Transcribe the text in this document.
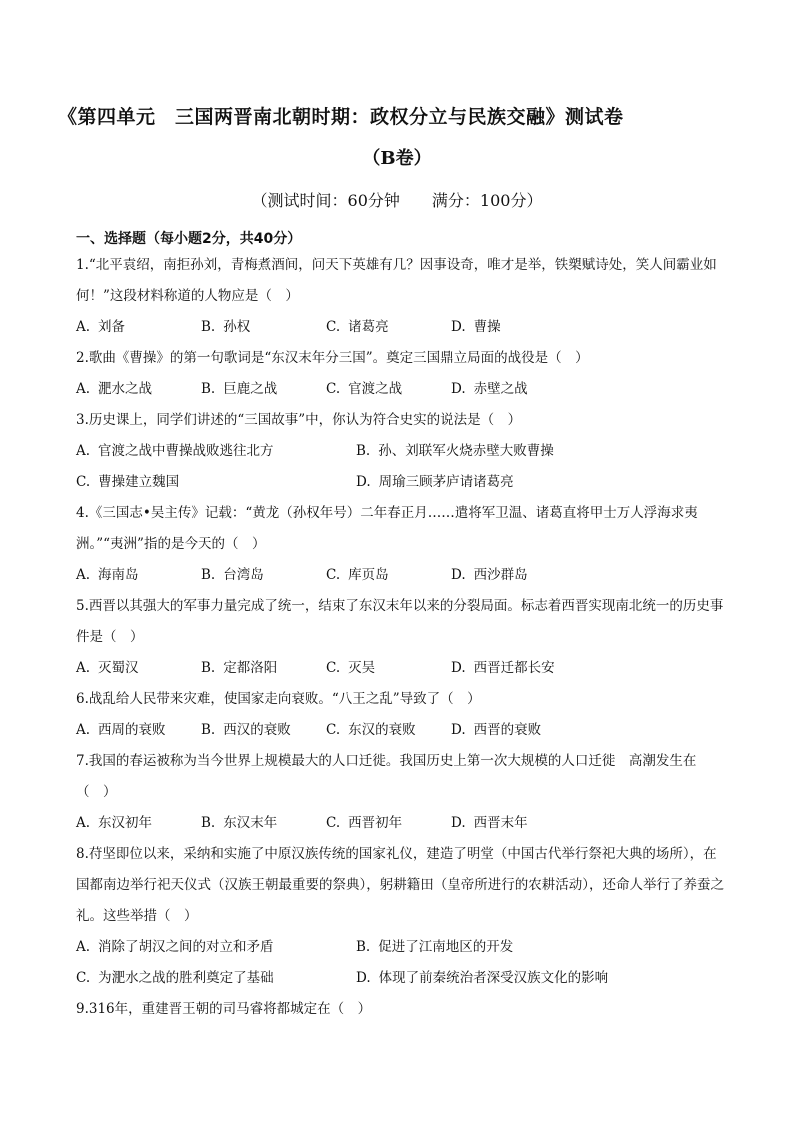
《第四单元　三国两晋南北朝时期：政权分立与民族交融》测试卷
（B卷）
（测试时间：60分钟　　满分：100分）
一、选择题（每小题2分，共40分）
1.“北平袁绍，南拒孙刘，青梅煮酒间，问天下英雄有几？因事设奇，唯才是举，铁槊赋诗处，笑人间霸业如何！”这段材料称道的人物应是（　）
A. 刘备	B. 孙权	C. 诸葛亮	D. 曹操
2.歌曲《曹操》的第一句歌词是“东汉末年分三国”。奠定三国鼎立局面的战役是（　）
A. 淝水之战	B. 巨鹿之战	C. 官渡之战	D. 赤壁之战
3.历史课上，同学们讲述的“三国故事”中，你认为符合史实的说法是（　）
A. 官渡之战中曹操战败逃往北方	B. 孙、刘联军火烧赤壁大败曹操
C. 曹操建立魏国	D. 周瑜三顾茅庐请诸葛亮
4.《三国志•吴主传》记载：“黄龙（孙权年号）二年春正月……遣将军卫温、诸葛直将甲士万人浮海求夷洲。”“夷洲”指的是今天的（　）
A. 海南岛	B. 台湾岛	C. 库页岛	D. 西沙群岛
5.西晋以其强大的军事力量完成了统一，结束了东汉末年以来的分裂局面。标志着西晋实现南北统一的历史事件是（　）
A. 灭蜀汉	B. 定都洛阳	C. 灭吴	D. 西晋迁都长安
6.战乱给人民带来灾难，使国家走向衰败。“八王之乱”导致了（　）
A. 西周的衰败	B. 西汉的衰败	C. 东汉的衰败	D. 西晋的衰败
7.我国的春运被称为当今世界上规模最大的人口迁徙。我国历史上第一次大规模的人口迁徙　高潮发生在（　）
A. 东汉初年	B. 东汉末年	C. 西晋初年	D. 西晋末年
8.苻坚即位以来，采纳和实施了中原汉族传统的国家礼仪，建造了明堂（中国古代举行祭祀大典的场所），在国都南边举行祀天仪式（汉族王朝最重要的祭典），躬耕籍田（皇帝所进行的农耕活动），还命人举行了养蚕之礼。这些举措（　）
A. 消除了胡汉之间的对立和矛盾	B. 促进了江南地区的开发
C. 为淝水之战的胜利奠定了基础	D. 体现了前秦统治者深受汉族文化的影响
9.316年，重建晋王朝的司马睿将都城定在（　）
